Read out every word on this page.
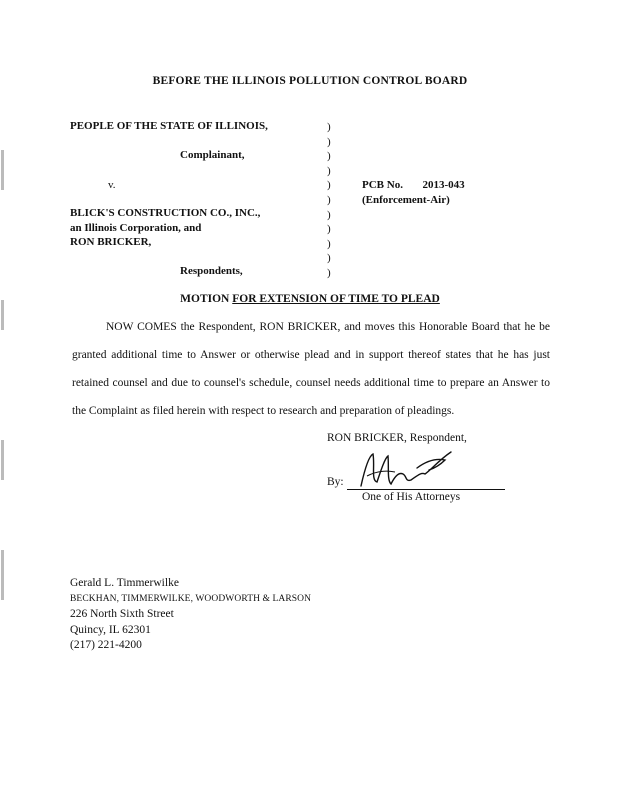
BEFORE THE ILLINOIS POLLUTION CONTROL BOARD
PEOPLE OF THE STATE OF ILLINOIS,
Complainant,
v.
BLICK'S CONSTRUCTION CO., INC.,
an Illinois Corporation, and
RON BRICKER,
Respondents,
)
)
)
)
)
)
)
)
)
)
)
PCB No. 2013-043
(Enforcement-Air)
MOTION FOR EXTENSION OF TIME TO PLEAD

NOW COMES the Respondent, RON BRICKER, and moves this Honorable Board that he be granted additional time to Answer or otherwise plead and in support thereof states that he has just retained counsel and due to counsel's schedule, counsel needs additional time to prepare an Answer to the Complaint as filed herein with respect to research and preparation of pleadings.

RON BRICKER, Respondent,
By:
One of His Attorneys
Gerald L. Timmerwilke
BECKHAN, TIMMERWILKE, WOODWORTH & LARSON
226 North Sixth Street
Quincy, IL 62301
(217) 221-4200
